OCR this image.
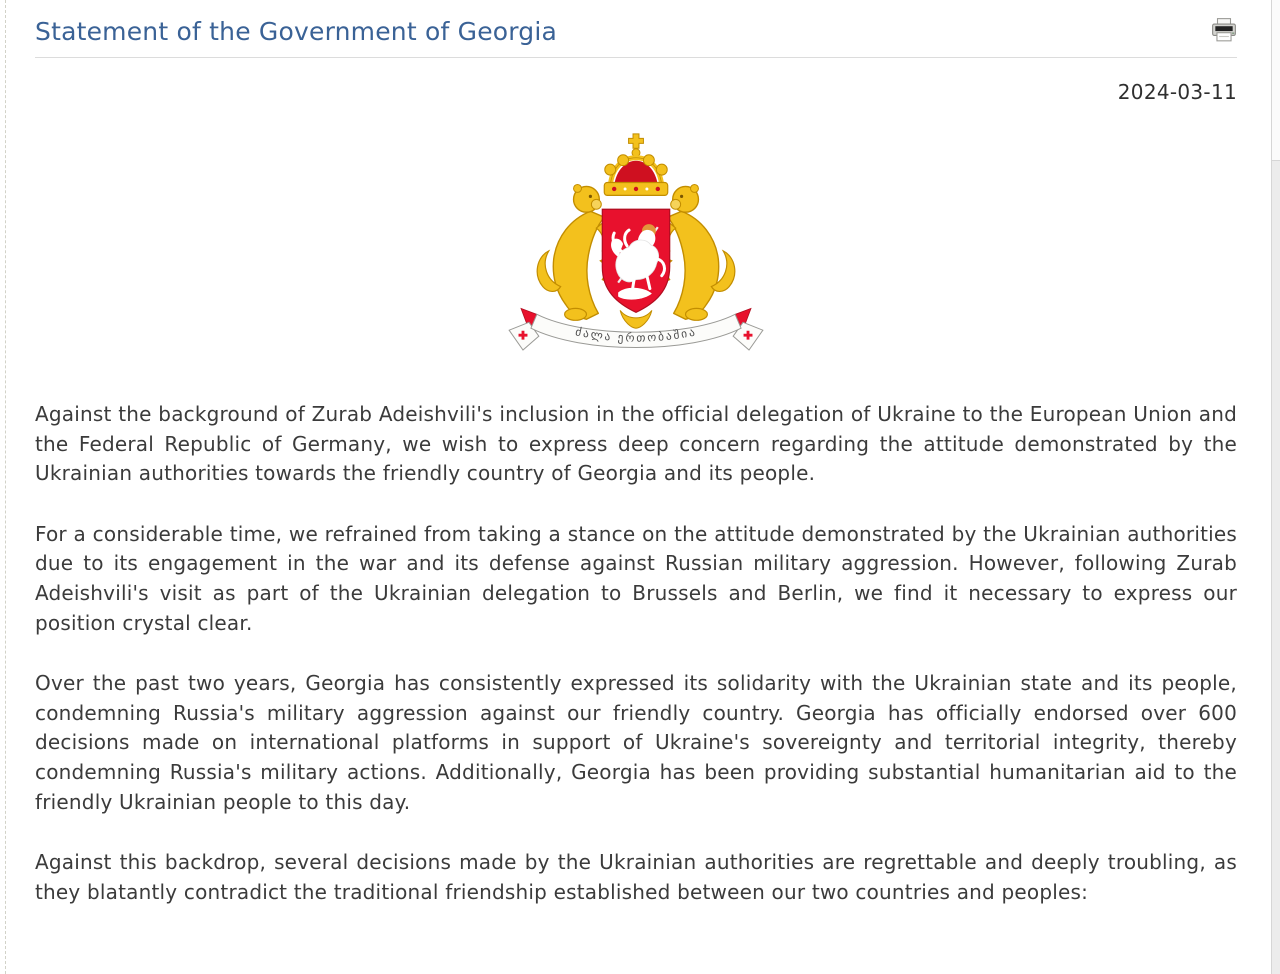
Statement of the Government of Georgia
2024-03-11
ძალა ერთობაშია

Against the background of Zurab Adeishvili's inclusion in the official delegation of Ukraine to the European Union and the Federal Republic of Germany, we wish to express deep concern regarding the attitude demonstrated by the Ukrainian authorities towards the friendly country of Georgia and its people.

For a considerable time, we refrained from taking a stance on the attitude demonstrated by the Ukrainian authorities due to its engagement in the war and its defense against Russian military aggression. However, following Zurab Adeishvili's visit as part of the Ukrainian delegation to Brussels and Berlin, we find it necessary to express our position crystal clear.

Over the past two years, Georgia has consistently expressed its solidarity with the Ukrainian state and its people, condemning Russia's military aggression against our friendly country. Georgia has officially endorsed over 600 decisions made on international platforms in support of Ukraine's sovereignty and territorial integrity, thereby condemning Russia's military actions. Additionally, Georgia has been providing substantial humanitarian aid to the friendly Ukrainian people to this day.

Against this backdrop, several decisions made by the Ukrainian authorities are regrettable and deeply troubling, as they blatantly contradict the traditional friendship established between our two countries and peoples:
